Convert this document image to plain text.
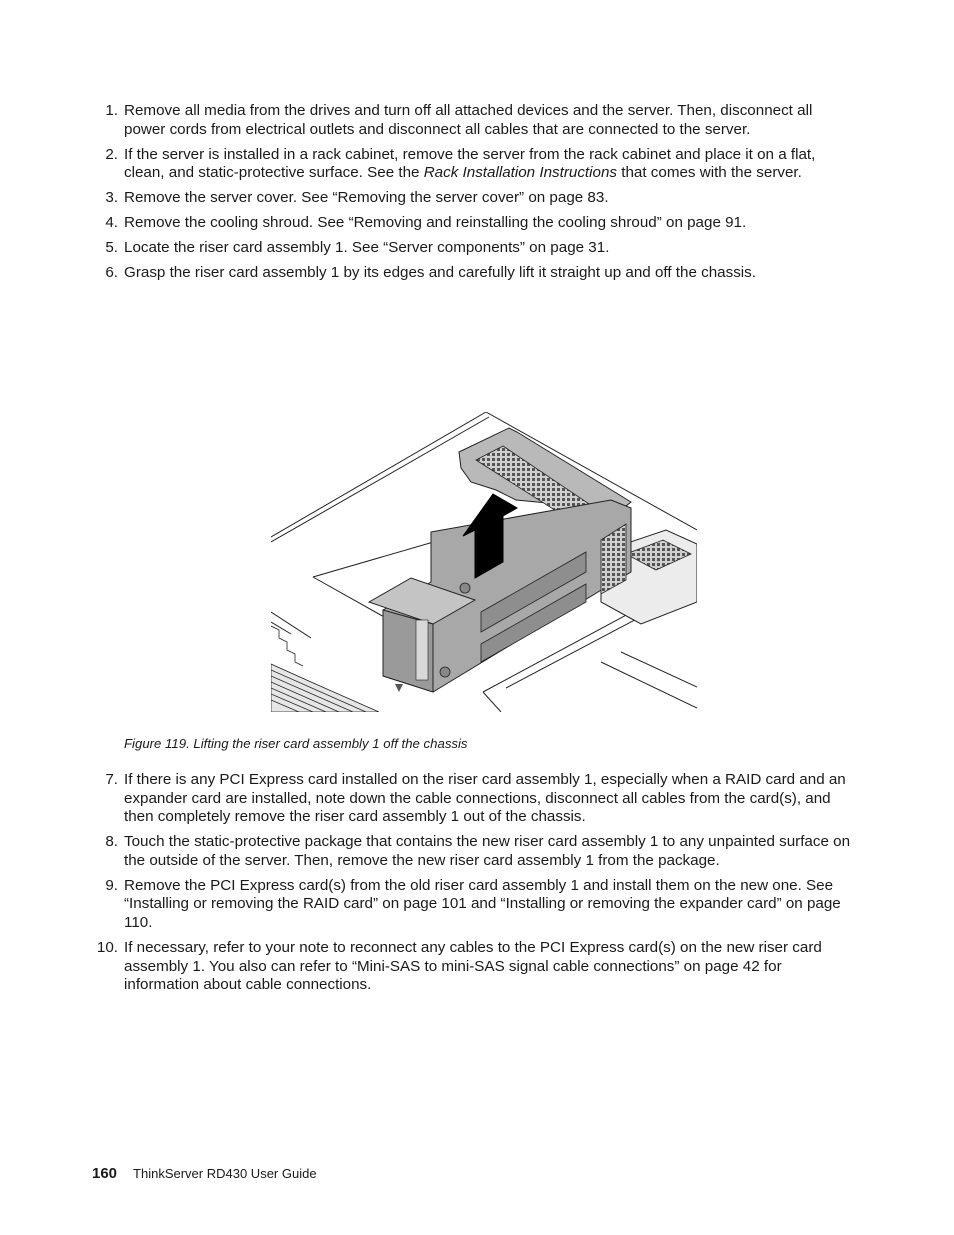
1. Remove all media from the drives and turn off all attached devices and the server. Then, disconnect all power cords from electrical outlets and disconnect all cables that are connected to the server.
2. If the server is installed in a rack cabinet, remove the server from the rack cabinet and place it on a flat, clean, and static-protective surface. See the Rack Installation Instructions that comes with the server.
3. Remove the server cover. See “Removing the server cover” on page 83.
4. Remove the cooling shroud. See “Removing and reinstalling the cooling shroud” on page 91.
5. Locate the riser card assembly 1. See “Server components” on page 31.
6. Grasp the riser card assembly 1 by its edges and carefully lift it straight up and off the chassis.
Figure 119. Lifting the riser card assembly 1 off the chassis
7. If there is any PCI Express card installed on the riser card assembly 1, especially when a RAID card and an expander card are installed, note down the cable connections, disconnect all cables from the card(s), and then completely remove the riser card assembly 1 out of the chassis.
8. Touch the static-protective package that contains the new riser card assembly 1 to any unpainted surface on the outside of the server. Then, remove the new riser card assembly 1 from the package.
9. Remove the PCI Express card(s) from the old riser card assembly 1 and install them on the new one. See “Installing or removing the RAID card” on page 101 and “Installing or removing the expander card” on page 110.
10. If necessary, refer to your note to reconnect any cables to the PCI Express card(s) on the new riser card assembly 1. You also can refer to “Mini-SAS to mini-SAS signal cable connections” on page 42 for information about cable connections.
160 ThinkServer RD430 User Guide
